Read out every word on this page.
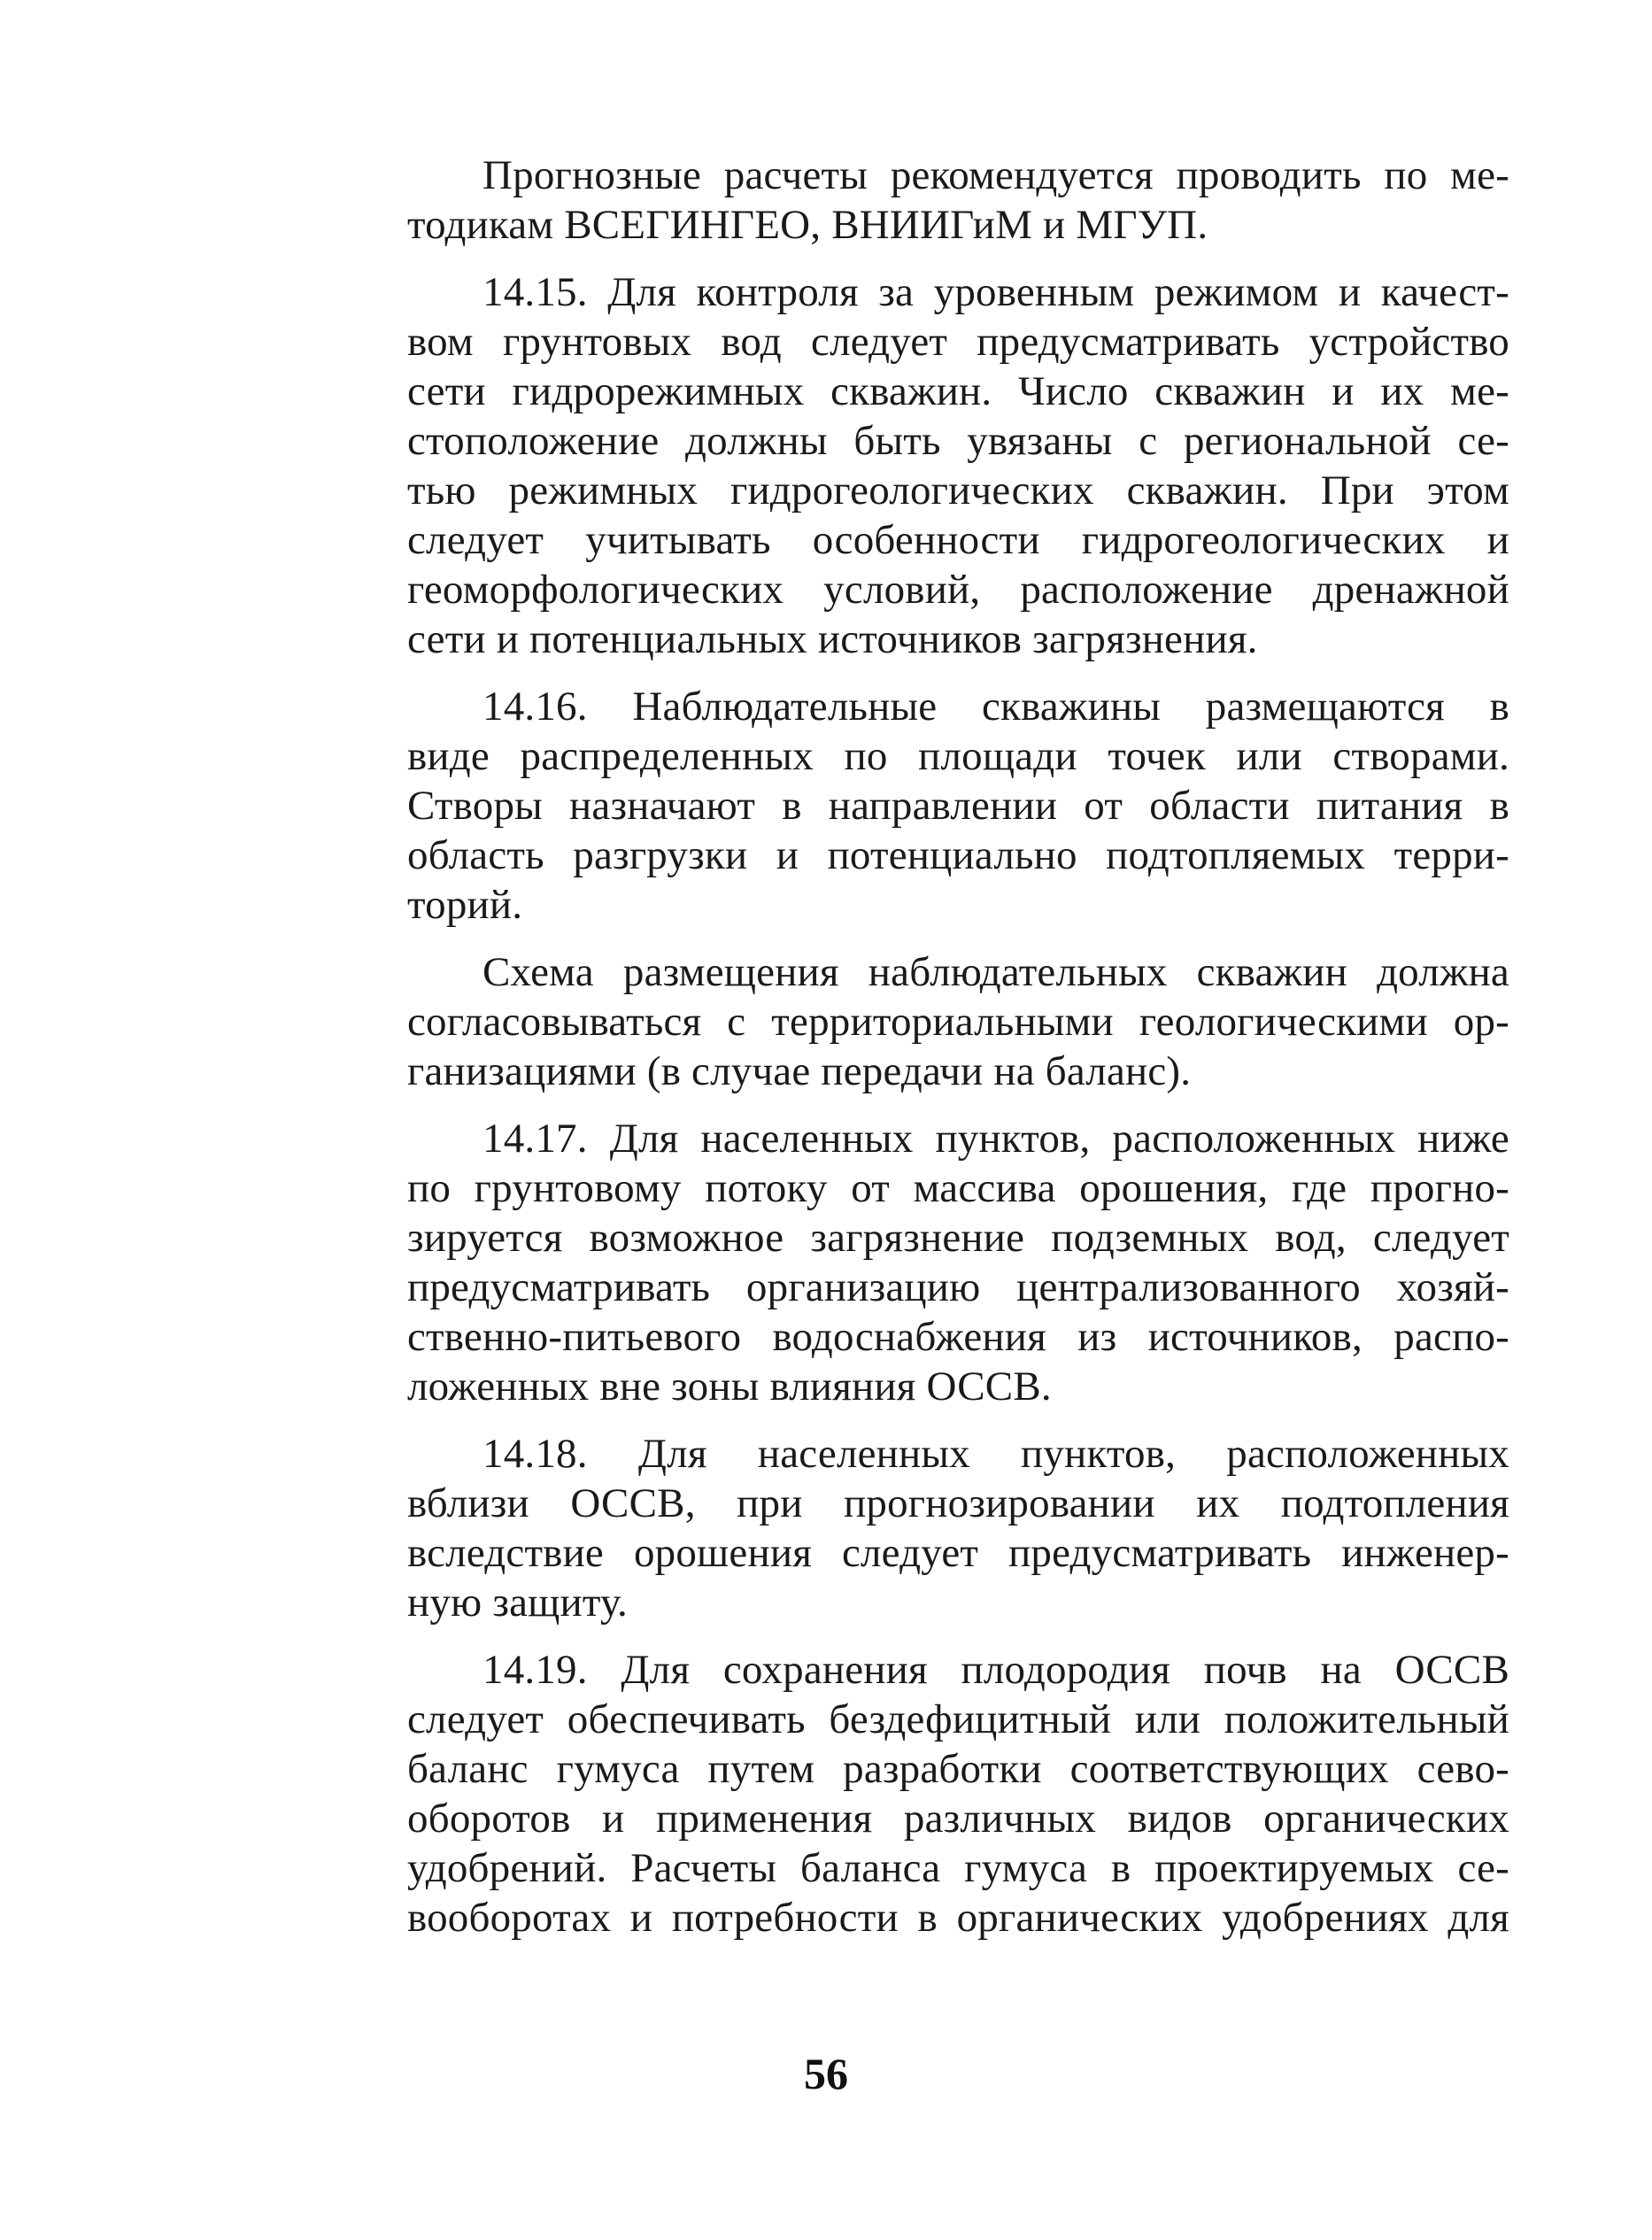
Прогнозные расчеты рекомендуется проводить по ме-
тодикам ВСЕГИНГЕО, ВНИИГиМ и МГУП.
14.15. Для контроля за уровенным режимом и качест-
вом грунтовых вод следует предусматривать устройство
сети гидрорежимных скважин. Число скважин и их ме-
стоположение должны быть увязаны с региональной се-
тью режимных гидрогеологических скважин. При этом
следует учитывать особенности гидрогеологических и
геоморфологических условий, расположение дренажной
сети и потенциальных источников загрязнения.
14.16. Наблюдательные скважины размещаются в
виде распределенных по площади точек или створами.
Створы назначают в направлении от области питания в
область разгрузки и потенциально подтопляемых терри-
торий.
Схема размещения наблюдательных скважин должна
согласовываться с территориальными геологическими ор-
ганизациями (в случае передачи на баланс).
14.17. Для населенных пунктов, расположенных ниже
по грунтовому потоку от массива орошения, где прогно-
зируется возможное загрязнение подземных вод, следует
предусматривать организацию централизованного хозяй-
ственно-питьевого водоснабжения из источников, распо-
ложенных вне зоны влияния ОССВ.
14.18. Для населенных пунктов, расположенных
вблизи ОССВ, при прогнозировании их подтопления
вследствие орошения следует предусматривать инженер-
ную защиту.
14.19. Для сохранения плодородия почв на ОССВ
следует обеспечивать бездефицитный или положительный
баланс гумуса путем разработки соответствующих сево-
оборотов и применения различных видов органических
удобрений. Расчеты баланса гумуса в проектируемых се-
вооборотах и потребности в органических удобрениях для
56
